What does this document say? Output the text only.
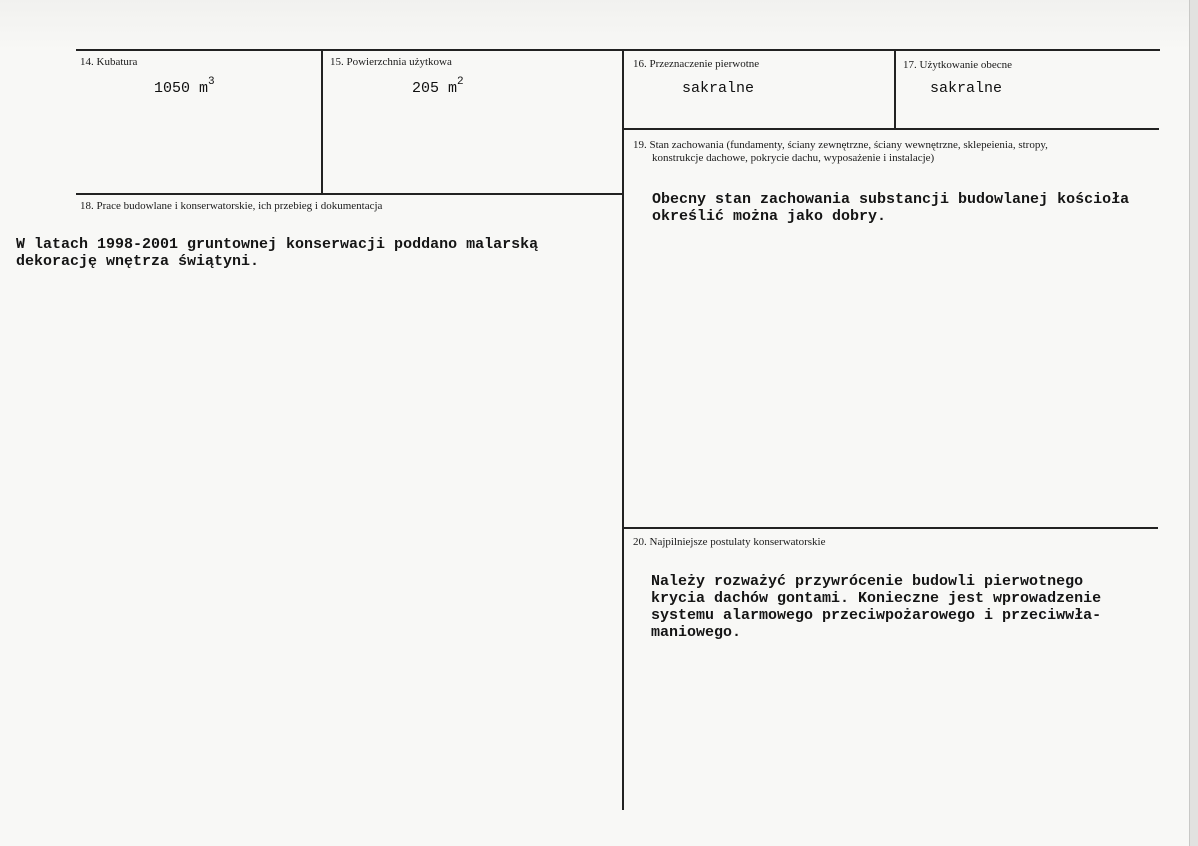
14. Kubatura
1050 $m^3$
15. Powierzchnia użytkowa
205 $m^2$
16. Przeznaczenie pierwotne
sakralne
17. Użytkowanie obecne
sakralne
18. Prace budowlane i konserwatorskie, ich przebieg i dokumentacja
W latach 1998-2001 gruntownej konserwacji poddano malarską
dekorację wnętrza świątyni.
19. Stan zachowania (fundamenty, ściany zewnętrzne, ściany wewnętrzne, sklepeienia, stropy,
konstrukcje dachowe, pokrycie dachu, wyposażenie i instalacje)
Obecny stan zachowania substancji budowlanej kościoła
określić można jako dobry.
20. Najpilniejsze postulaty konserwatorskie
Należy rozważyć przywrócenie budowli pierwotnego
krycia dachów gontami. Konieczne jest wprowadzenie
systemu alarmowego przeciwpożarowego i przeciwwła-
maniowego.
